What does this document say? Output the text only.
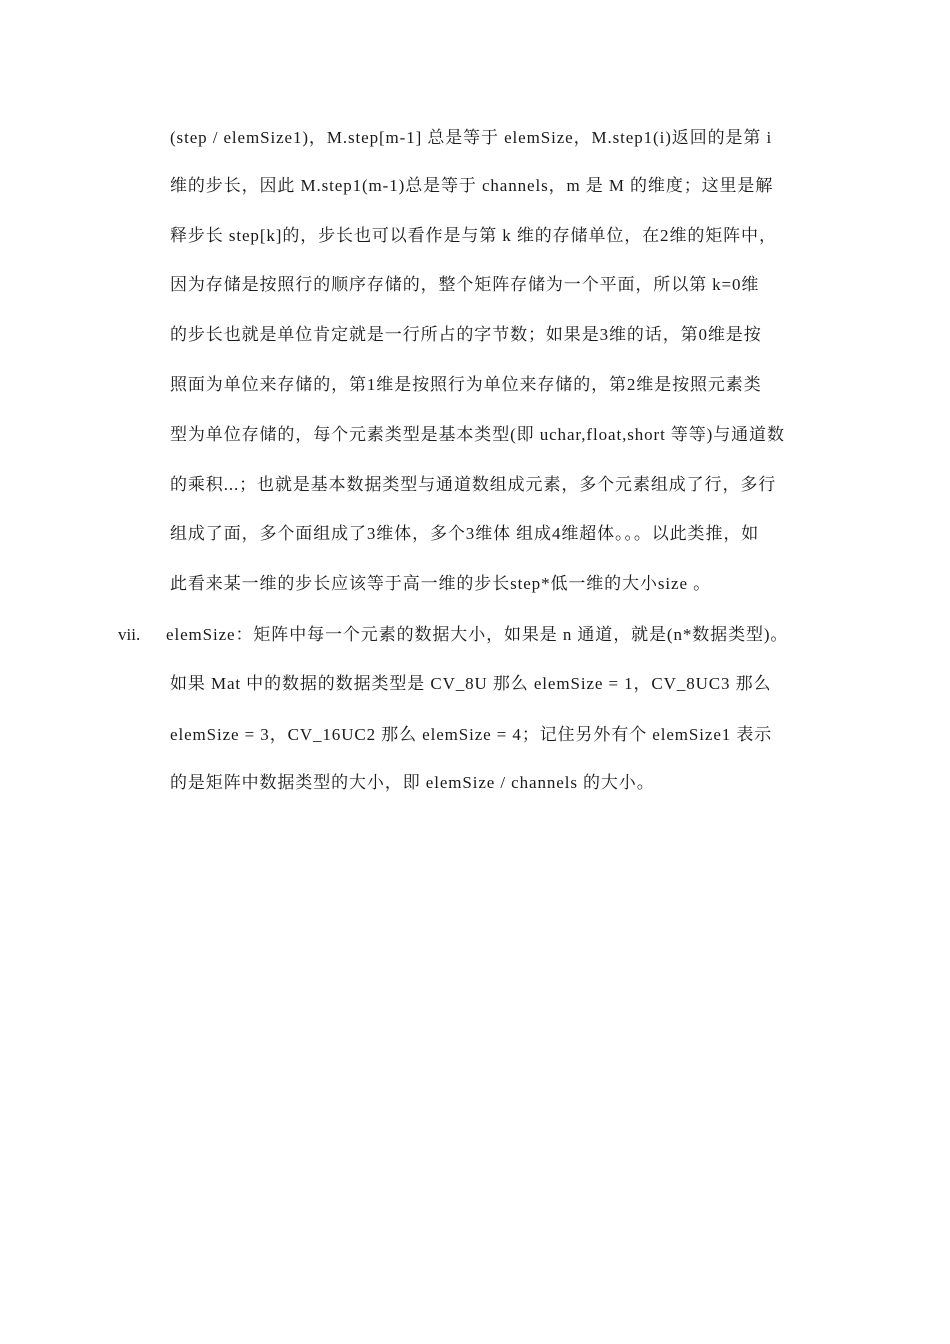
(step / elemSize1)，M.step[m-1] 总是等于 elemSize，M.step1(i)返回的是第 i
维的步长，因此 M.step1(m-1)总是等于 channels，m 是 M 的维度；这里是解
释步长 step[k]的，步长也可以看作是与第 k 维的存储单位，在2维的矩阵中，
因为存储是按照行的顺序存储的，整个矩阵存储为一个平面，所以第 k=0维
的步长也就是单位肯定就是一行所占的字节数；如果是3维的话，第0维是按
照面为单位来存储的，第1维是按照行为单位来存储的，第2维是按照元素类
型为单位存储的，每个元素类型是基本类型(即 uchar,float,short 等等)与通道数
的乘积...；也就是基本数据类型与通道数组成元素，多个元素组成了行，多行
组成了面，多个面组成了3维体，多个3维体 组成4维超体。。。以此类推，如
此看来某一维的步长应该等于高一维的步长step*低一维的大小size 。
vii. elemSize：矩阵中每一个元素的数据大小，如果是 n 通道，就是(n*数据类型)。
如果 Mat 中的数据的数据类型是 CV_8U 那么 elemSize = 1，CV_8UC3 那么
elemSize = 3，CV_16UC2 那么 elemSize = 4；记住另外有个 elemSize1 表示
的是矩阵中数据类型的大小，即 elemSize / channels 的大小。
